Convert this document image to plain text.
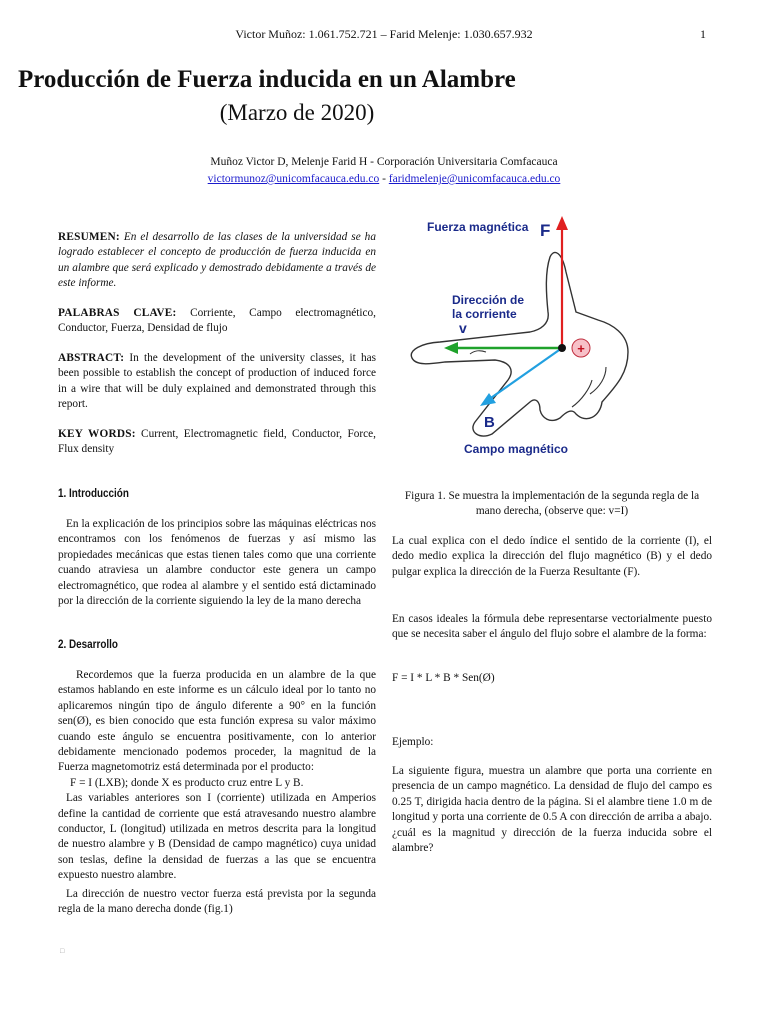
Victor Muñoz: 1.061.752.721 – Farid Melenje: 1.030.657.932	1
Producción de Fuerza inducida en un Alambre
(Marzo de 2020)
Muñoz Victor D, Melenje Farid H - Corporación Universitaria Comfacauca
victormunoz@unicomfacauca.edu.co - faridmelenje@unicomfacauca.edu.co

RESUMEN: En el desarrollo de las clases de la universidad se ha logrado establecer el concepto de producción de fuerza inducida en un alambre que será explicado y demostrado debidamente a través de este informe.

PALABRAS CLAVE: Corriente, Campo electromagnético, Conductor, Fuerza, Densidad de flujo

ABSTRACT: In the development of the university classes, it has been possible to establish the concept of production of induced force in a wire that will be duly explained and demonstrated through this report.

KEY WORDS: Current, Electromagnetic field, Conductor, Force, Flux density

1. Introducción

En la explicación de los principios sobre las máquinas eléctricas nos encontramos con los fenómenos de fuerzas y así mismo las propiedades mecánicas que estas tienen tales como que una corriente cuando atraviesa un alambre conductor este genera un campo electromagnético, que rodea al alambre y el sentido está dictaminado por la dirección de la corriente siguiendo la ley de la mano derecha

2. Desarrollo

Recordemos que la fuerza producida en un alambre de la que estamos hablando en este informe es un cálculo ideal por lo tanto no aplicaremos ningún tipo de ángulo diferente a 90° en la función sen(Ø), es bien conocido que esta función expresa su valor máximo cuando este ángulo se encuentra positivamente, con lo anterior debidamente mencionado podemos proceder, la magnitud de la Fuerza magnetomotriz está determinada por el producto:

F = I (LXB); donde X es producto cruz entre L y B.

Las variables anteriores son I (corriente) utilizada en Amperios define la cantidad de corriente que está atravesando nuestro alambre conductor, L (longitud) utilizada en metros descrita para la longitud de nuestro alambre y B (Densidad de campo magnético) cuya unidad son teslas, define la densidad de fuerzas a las que se encuentra expuesto nuestro alambre.

La dirección de nuestro vector fuerza está prevista por la segunda regla de la mano derecha donde (fig.1)

□
+
Fuerza magnética F
Dirección de
la corriente
v
B
Campo magnético
Figura 1. Se muestra la implementación de la segunda regla de la mano derecha, (observe que: v=I)
La cual explica con el dedo índice el sentido de la corriente (I), el dedo medio explica la dirección del flujo magnético (B) y el dedo pulgar explica la dirección de la Fuerza Resultante (F).
En casos ideales la fórmula debe representarse vectorialmente puesto que se necesita saber el ángulo del flujo sobre el alambre de la forma:
F = I * L * B * Sen(Ø)
Ejemplo:
La siguiente figura, muestra un alambre que porta una corriente en presencia de un campo magnético. La densidad de flujo del campo es 0.25 T, dirigida hacia dentro de la página. Si el alambre tiene 1.0 m de longitud y porta una corriente de 0.5 A con dirección de arriba a abajo. ¿cuál es la magnitud y dirección de la fuerza inducida sobre el alambre?
